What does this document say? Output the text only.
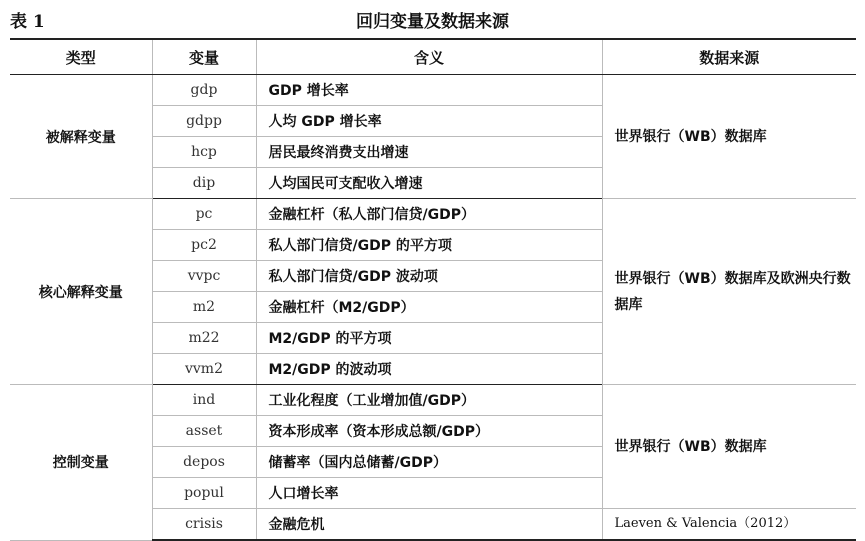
表 1	回归变量及数据来源
类型	变量	含义	数据来源
被解释变量	gdp	GDP 增长率	世界银行（WB）数据库
	gdpp	人均 GDP 增长率	
	hcp	居民最终消费支出增速	
	dip	人均国民可支配收入增速	
核心解释变量	pc	金融杠杆（私人部门信贷/GDP）	世界银行（WB）数据库及欧洲央行数据库
	pc2	私人部门信贷/GDP 的平方项	
	vvpc	私人部门信贷/GDP 波动项	
	m2	金融杠杆（M2/GDP）	
	m22	M2/GDP 的平方项	
	vvm2	M2/GDP 的波动项	
控制变量	ind	工业化程度（工业增加值/GDP）	世界银行（WB）数据库
	asset	资本形成率（资本形成总额/GDP）	
	depos	储蓄率（国内总储蓄/GDP）	
	popul	人口增长率	
	crisis	金融危机	Laeven & Valencia（2012）
